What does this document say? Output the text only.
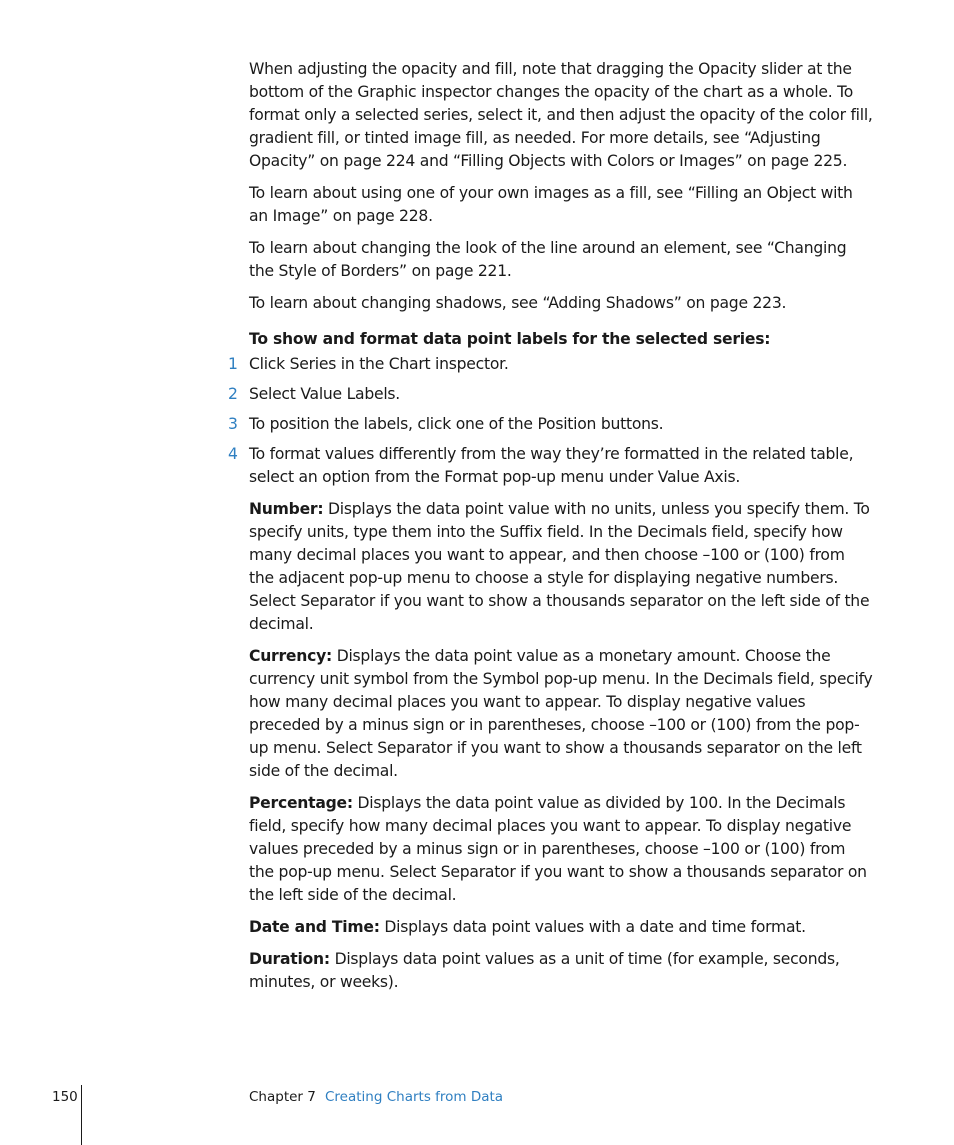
When adjusting the opacity and fill, note that dragging the Opacity slider at the bottom of the Graphic inspector changes the opacity of the chart as a whole. To format only a selected series, select it, and then adjust the opacity of the color fill, gradient fill, or tinted image fill, as needed. For more details, see “Adjusting Opacity” on page 224 and “Filling Objects with Colors or Images” on page 225.

To learn about using one of your own images as a fill, see “Filling an Object with an Image” on page 228.

To learn about changing the look of the line around an element, see “Changing the Style of Borders” on page 221.

To learn about changing shadows, see “Adding Shadows” on page 223.

To show and format data point labels for the selected series:

1 Click Series in the Chart inspector.
2 Select Value Labels.
3 To position the labels, click one of the Position buttons.
4 To format values differently from the way they’re formatted in the related table, select an option from the Format pop-up menu under Value Axis.

Number: Displays the data point value with no units, unless you specify them. To specify units, type them into the Suffix field. In the Decimals field, specify how many decimal places you want to appear, and then choose –100 or (100) from the adjacent pop-up menu to choose a style for displaying negative numbers. Select Separator if you want to show a thousands separator on the left side of the decimal.

Currency: Displays the data point value as a monetary amount. Choose the currency unit symbol from the Symbol pop-up menu. In the Decimals field, specify how many decimal places you want to appear. To display negative values preceded by a minus sign or in parentheses, choose –100 or (100) from the pop-up menu. Select Separator if you want to show a thousands separator on the left side of the decimal.

Percentage: Displays the data point value as divided by 100. In the Decimals field, specify how many decimal places you want to appear. To display negative values preceded by a minus sign or in parentheses, choose –100 or (100) from the pop-up menu. Select Separator if you want to show a thousands separator on the left side of the decimal.

Date and Time: Displays data point values with a date and time format.

Duration: Displays data point values as a unit of time (for example, seconds, minutes, or weeks).

150	Chapter 7 Creating Charts from Data
